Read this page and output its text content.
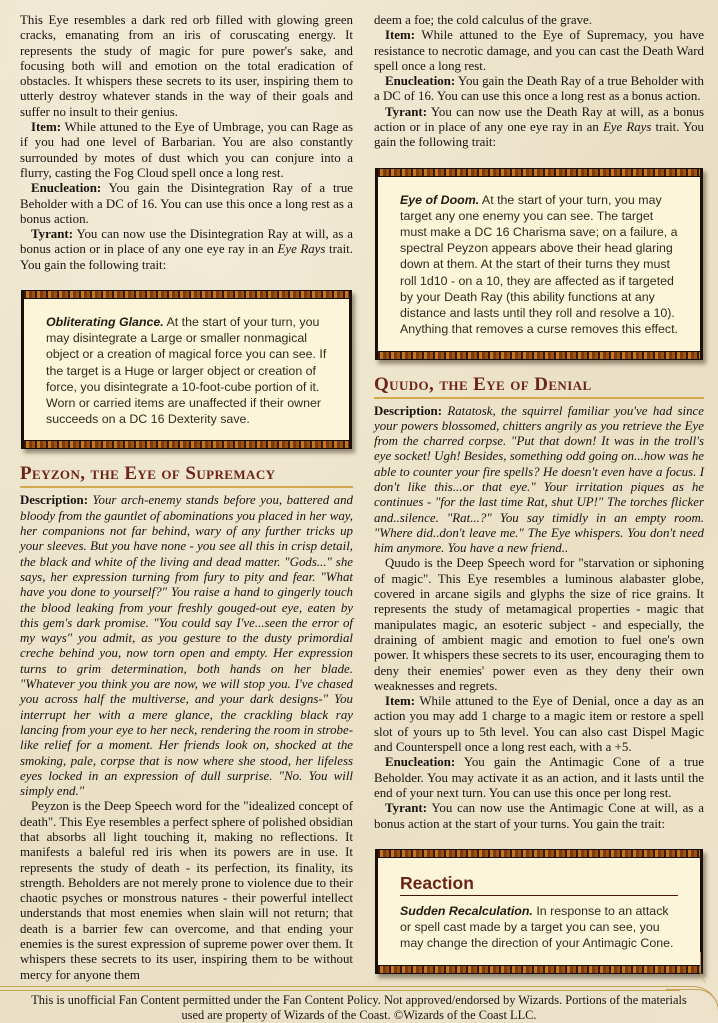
This Eye resembles a dark red orb filled with glowing green cracks, emanating from an iris of coruscating energy. It represents the study of magic for pure power's sake, and focusing both will and emotion on the total eradication of obstacles. It whispers these secrets to its user, inspiring them to utterly destroy whatever stands in the way of their goals and suffer no insult to their genius.

Item: While attuned to the Eye of Umbrage, you can Rage as if you had one level of Barbarian. You are also constantly surrounded by motes of dust which you can conjure into a flurry, casting the Fog Cloud spell once a long rest.

Enucleation: You gain the Disintegration Ray of a true Beholder with a DC of 16. You can use this once a long rest as a bonus action.

Tyrant: You can now use the Disintegration Ray at will, as a bonus action or in place of any one eye ray in an Eye Rays trait. You gain the following trait:

Obliterating Glance. At the start of your turn, you may disintegrate a Large or smaller nonmagical object or a creation of magical force you can see. If the target is a Huge or larger object or creation of force, you disintegrate a 10-foot-cube portion of it. Worn or carried items are unaffected if their owner succeeds on a DC 16 Dexterity save.
Peyzon, the Eye of Supremacy

Description: Your arch-enemy stands before you, battered and bloody from the gauntlet of abominations you placed in her way, her companions not far behind, wary of any further tricks up your sleeves. But you have none - you see all this in crisp detail, the black and white of the living and dead matter. "Gods..." she says, her expression turning from fury to pity and fear. "What have you done to yourself?" You raise a hand to gingerly touch the blood leaking from your freshly gouged-out eye, eaten by this gem's dark promise. "You could say I've...seen the error of my ways" you admit, as you gesture to the dusty primordial creche behind you, now torn open and empty. Her expression turns to grim determination, both hands on her blade. "Whatever you think you are now, we will stop you. I've chased you across half the multiverse, and your dark designs-" You interrupt her with a mere glance, the crackling black ray lancing from your eye to her neck, rendering the room in strobe-like relief for a moment. Her friends look on, shocked at the smoking, pale, corpse that is now where she stood, her lifeless eyes locked in an expression of dull surprise. "No. You will simply end."

Peyzon is the Deep Speech word for the "idealized concept of death". This Eye resembles a perfect sphere of polished obsidian that absorbs all light touching it, making no reflections. It manifests a baleful red iris when its powers are in use. It represents the study of death - its perfection, its finality, its strength. Beholders are not merely prone to violence due to their chaotic psyches or monstrous natures - their powerful intellect understands that most enemies when slain will not return; that death is a barrier few can overcome, and that ending your enemies is the surest expression of supreme power over them. It whispers these secrets to its user, inspiring them to be without mercy for anyone them

deem a foe; the cold calculus of the grave.

Item: While attuned to the Eye of Supremacy, you have resistance to necrotic damage, and you can cast the Death Ward spell once a long rest.

Enucleation: You gain the Death Ray of a true Beholder with a DC of 16. You can use this once a long rest as a bonus action.

Tyrant: You can now use the Death Ray at will, as a bonus action or in place of any one eye ray in an Eye Rays trait. You gain the following trait:

Eye of Doom. At the start of your turn, you may target any one enemy you can see. The target must make a DC 16 Charisma save; on a failure, a spectral Peyzon appears above their head glaring down at them. At the start of their turns they must roll 1d10 - on a 10, they are affected as if targeted by your Death Ray (this ability functions at any distance and lasts until they roll and resolve a 10). Anything that removes a curse removes this effect.
Quudo, the Eye of Denial

Description: Ratatosk, the squirrel familiar you've had since your powers blossomed, chitters angrily as you retrieve the Eye from the charred corpse. "Put that down! It was in the troll's eye socket! Ugh! Besides, something odd going on...how was he able to counter your fire spells? He doesn't even have a focus. I don't like this...or that eye." Your irritation piques as he continues - "for the last time Rat, shut UP!" The torches flicker and..silence. "Rat...?" You say timidly in an empty room. "Where did..don't leave me." The Eye whispers. You don't need him anymore. You have a new friend..

Quudo is the Deep Speech word for "starvation or siphoning of magic". This Eye resembles a luminous alabaster globe, covered in arcane sigils and glyphs the size of rice grains. It represents the study of metamagical properties - magic that manipulates magic, an esoteric subject - and especially, the draining of ambient magic and emotion to fuel one's own power. It whispers these secrets to its user, encouraging them to deny their enemies' power even as they deny their own weaknesses and regrets.

Item: While attuned to the Eye of Denial, once a day as an action you may add 1 charge to a magic item or restore a spell slot of yours up to 5th level. You can also cast Dispel Magic and Counterspell once a long rest each, with a +5.

Enucleation: You gain the Antimagic Cone of a true Beholder. You may activate it as an action, and it lasts until the end of your next turn. You can use this once per long rest.

Tyrant: You can now use the Antimagic Cone at will, as a bonus action at the start of your turns. You gain the trait:

Reaction
Sudden Recalculation. In response to an attack or spell cast made by a target you can see, you may change the direction of your Antimagic Cone.
This is unofficial Fan Content permitted under the Fan Content Policy. Not approved/endorsed by Wizards. Portions of the materials used are property of Wizards of the Coast. ©Wizards of the Coast LLC.
